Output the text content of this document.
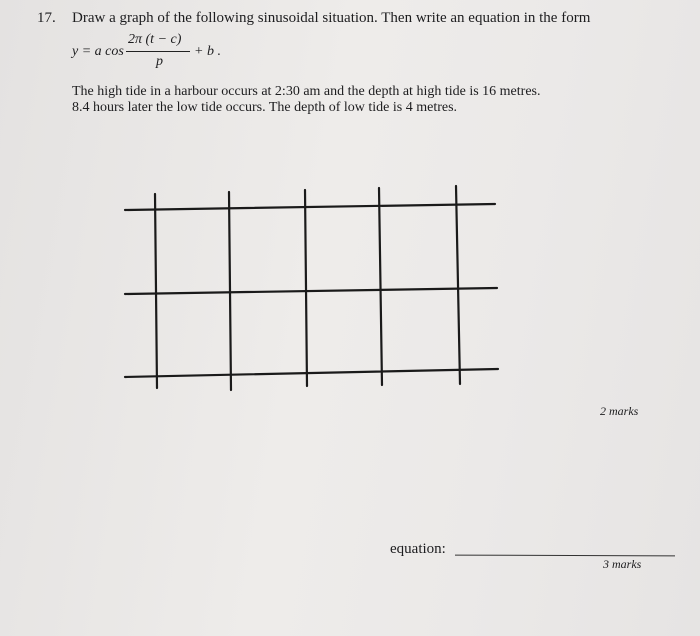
17. Draw a graph of the following sinusoidal situation. Then write an equation in the form
y = a cos
2π (t − c)
p
+ b .
The high tide in a harbour occurs at 2:30 am and the depth at high tide is 16 metres.
8.4 hours later the low tide occurs. The depth of low tide is 4 metres.
2 marks
equation:
3 marks
